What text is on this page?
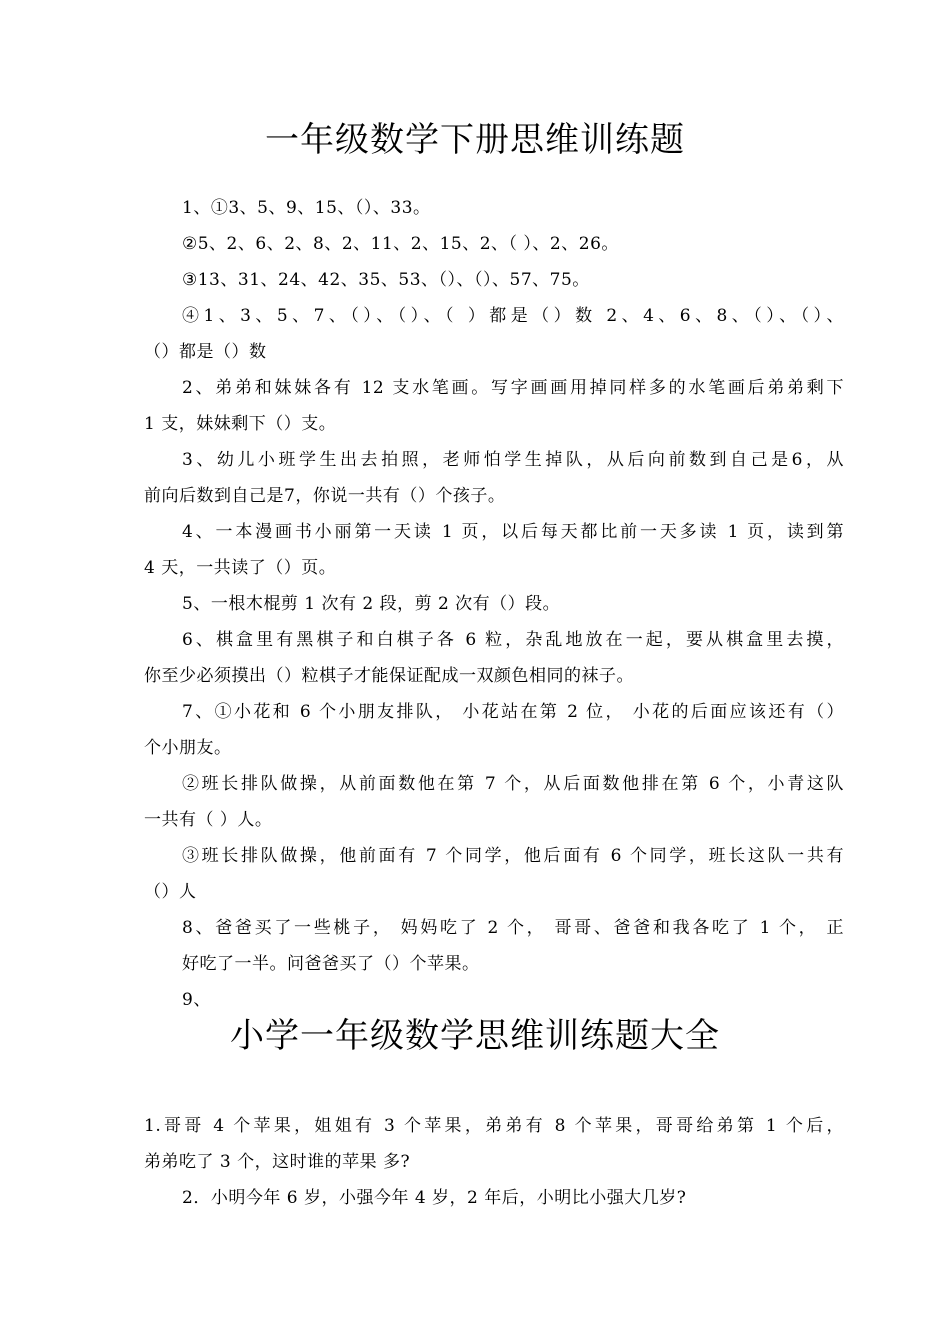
一年级数学下册思维训练题
1、①3、5、9、15、（）、33。
②5、2、6、2、8、2、11、2、15、2、（ ）、2、26。
③13、31、24、42、35、53、（）、（）、57、75。
④1、3、5、7、（）、（）、（ ）都是（）数 2、4、6、8、（）、（）、
（）都是（）数
2、弟弟和妹妹各有 12 支水笔画。写字画画用掉同样多的水笔画后弟弟剩下
1 支，妹妹剩下（）支。
3、幼儿小班学生出去拍照，老师怕学生掉队，从后向前数到自己是6，从
前向后数到自己是7，你说一共有（）个孩子。
4、一本漫画书小丽第一天读 1 页，以后每天都比前一天多读 1 页，读到第
4 天，一共读了（）页。
5、一根木棍剪 1 次有 2 段，剪 2 次有（）段。
6、棋盒里有黑棋子和白棋子各 6 粒，杂乱地放在一起，要从棋盒里去摸，
你至少必须摸出（）粒棋子才能保证配成一双颜色相同的袜子。
7、①小花和 6 个小朋友排队， 小花站在第 2 位， 小花的后面应该还有（）
个小朋友。
②班长排队做操，从前面数他在第 7 个，从后面数他排在第 6 个，小青这队
一共有（ ）人。
③班长排队做操，他前面有 7 个同学，他后面有 6 个同学，班长这队一共有
（）人
8、爸爸买了一些桃子， 妈妈吃了 2 个， 哥哥、爸爸和我各吃了 1 个， 正
好吃了一半。问爸爸买了（）个苹果。
9、
小学一年级数学思维训练题大全
1.哥哥 4 个苹果，姐姐有 3 个苹果，弟弟有 8 个苹果，哥哥给弟第 1 个后，
弟弟吃了 3 个，这时谁的苹果 多?
2．小明今年 6 岁，小强今年 4 岁，2 年后，小明比小强大几岁?
